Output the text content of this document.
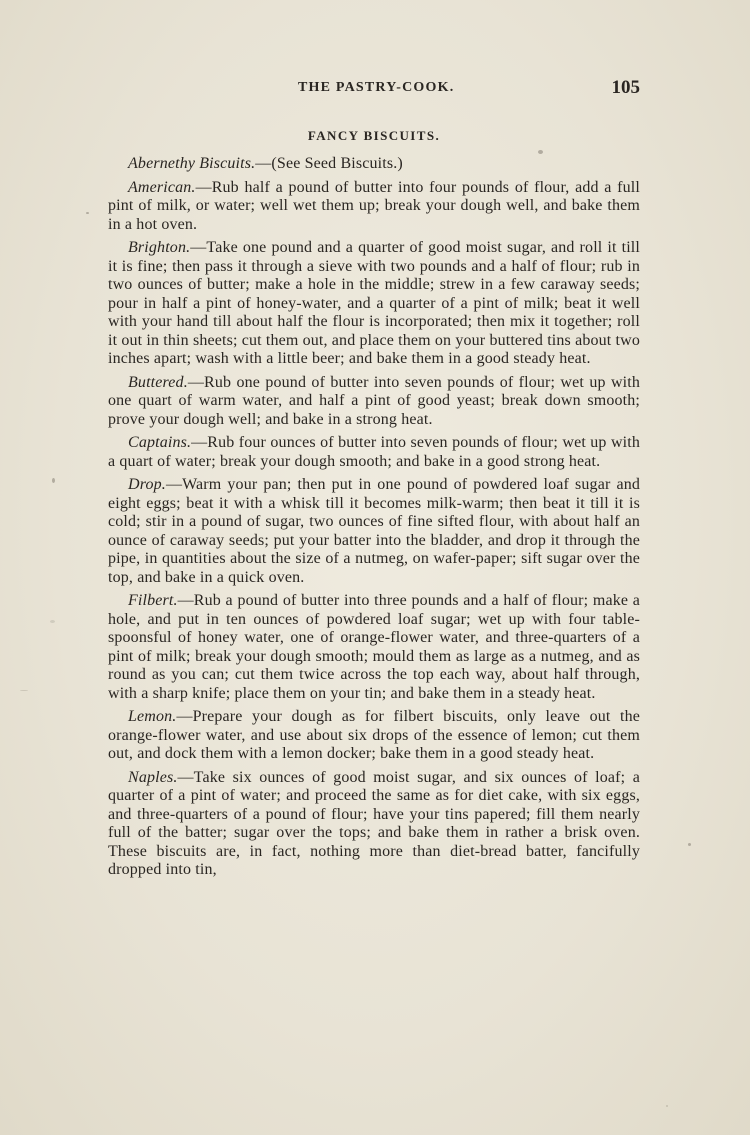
THE PASTRY-COOK.	105
FANCY BISCUITS.

Abernethy Biscuits.—(See Seed Biscuits.)

American.—Rub half a pound of butter into four pounds of flour, add a full pint of milk, or water; well wet them up; break your dough well, and bake them in a hot oven.

Brighton.—Take one pound and a quarter of good moist sugar, and roll it till it is fine; then pass it through a sieve with two pounds and a half of flour; rub in two ounces of butter; make a hole in the middle; strew in a few caraway seeds; pour in half a pint of honey-water, and a quarter of a pint of milk; beat it well with your hand till about half the flour is incorporated; then mix it together; roll it out in thin sheets; cut them out, and place them on your buttered tins about two inches apart; wash with a little beer; and bake them in a good steady heat.

Buttered.—Rub one pound of butter into seven pounds of flour; wet up with one quart of warm water, and half a pint of good yeast; break down smooth; prove your dough well; and bake in a strong heat.

Captains.—Rub four ounces of butter into seven pounds of flour; wet up with a quart of water; break your dough smooth; and bake in a good strong heat.

Drop.—Warm your pan; then put in one pound of powdered loaf sugar and eight eggs; beat it with a whisk till it becomes milk-warm; then beat it till it is cold; stir in a pound of sugar, two ounces of fine sifted flour, with about half an ounce of caraway seeds; put your batter into the bladder, and drop it through the pipe, in quantities about the size of a nutmeg, on wafer-paper; sift sugar over the top, and bake in a quick oven.

Filbert.—Rub a pound of butter into three pounds and a half of flour; make a hole, and put in ten ounces of powdered loaf sugar; wet up with four table-spoonsful of honey water, one of orange-flower water, and three-quarters of a pint of milk; break your dough smooth; mould them as large as a nutmeg, and as round as you can; cut them twice across the top each way, about half through, with a sharp knife; place them on your tin; and bake them in a steady heat.

Lemon.—Prepare your dough as for filbert biscuits, only leave out the orange-flower water, and use about six drops of the essence of lemon; cut them out, and dock them with a lemon docker; bake them in a good steady heat.

Naples.—Take six ounces of good moist sugar, and six ounces of loaf; a quarter of a pint of water; and proceed the same as for diet cake, with six eggs, and three-quarters of a pound of flour; have your tins papered; fill them nearly full of the batter; sugar over the tops; and bake them in rather a brisk oven. These biscuits are, in fact, nothing more than diet-bread batter, fancifully dropped into tin,
